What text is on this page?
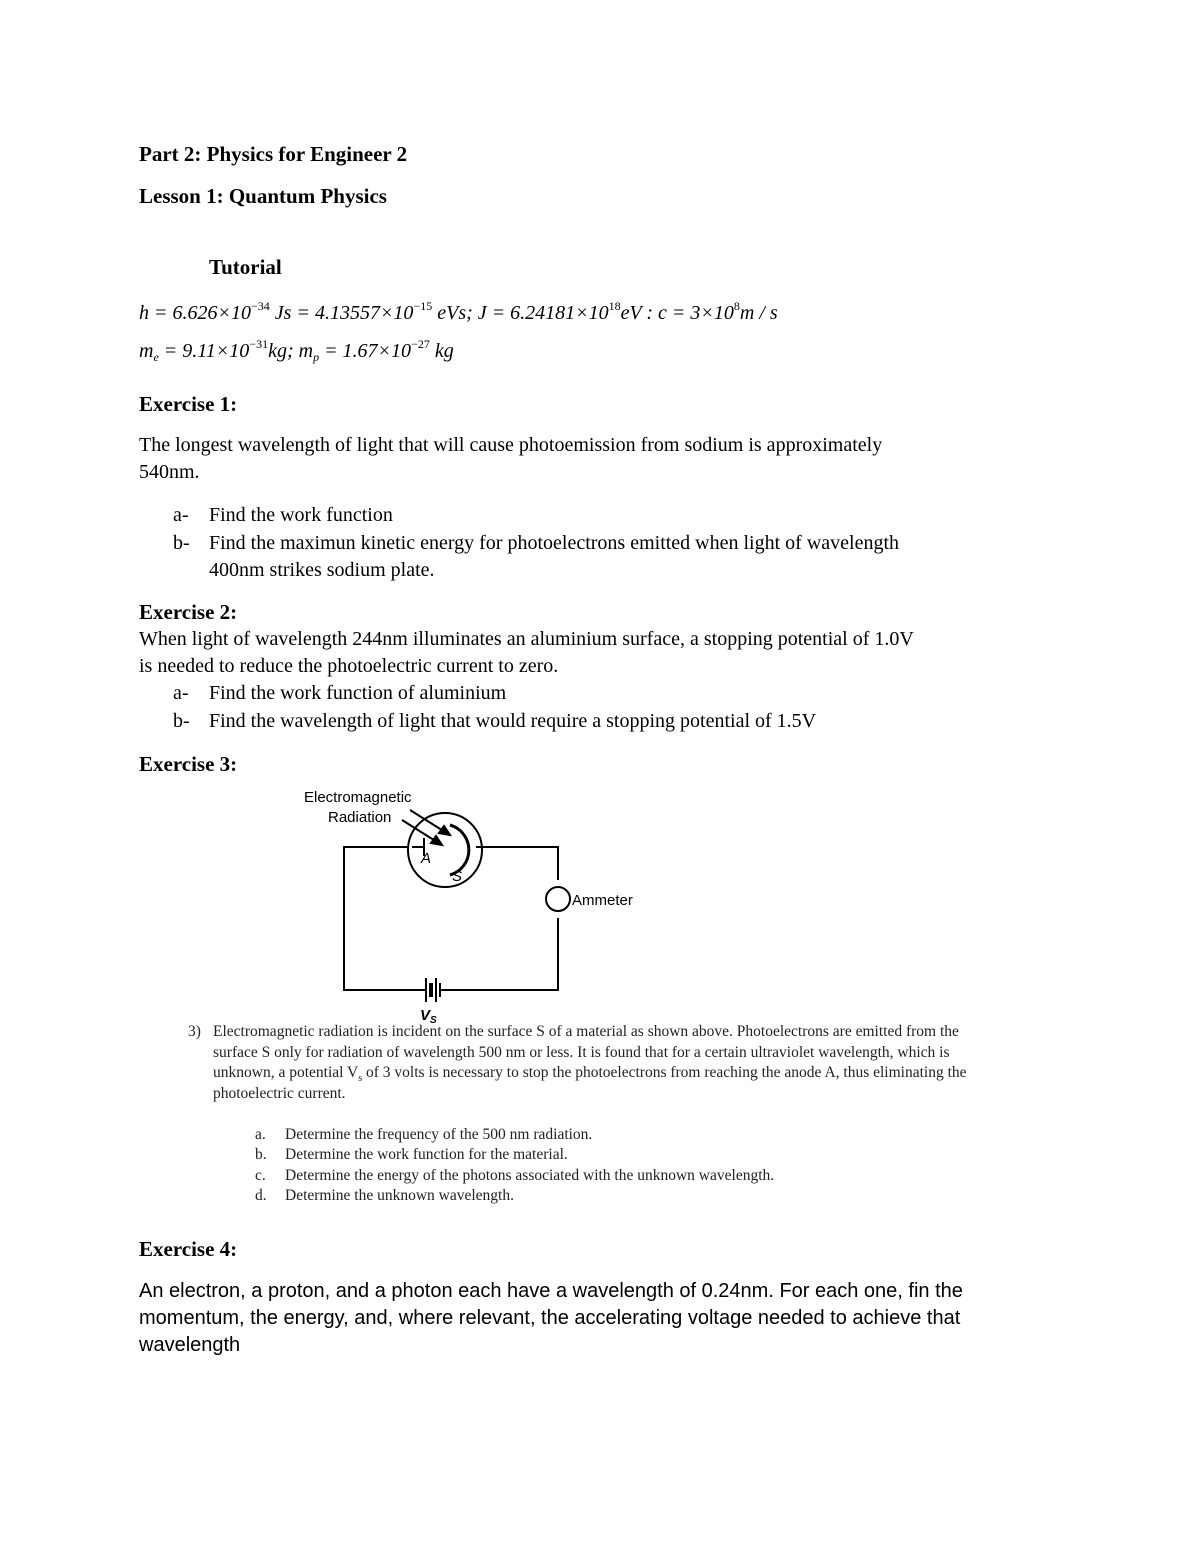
Part 2: Physics for Engineer 2
Lesson 1: Quantum Physics
Tutorial
$h = 6.626\times 10^{-34}$ $Js = 4.13557\times 10^{-15}$ eVs; $J = 6.24181\times 10^{18}eV$ : $c = 3\times 10^8m / s$
$m_e = 9.11\times 10^{-31}kg$; $m_p = 1.67\times 10^{-27}$ kg
Exercise 1:
The longest wavelength of light that will cause photoemission from sodium is approximately
540nm.
a- Find the work function
b- Find the maximun kinetic energy for photoelectrons emitted when light of wavelength
400nm strikes sodium plate.
Exercise 2:
When light of wavelength 244nm illuminates an aluminium surface, a stopping potential of 1.0V
is needed to reduce the photoelectric current to zero.
a- Find the work function of aluminium
b- Find the wavelength of light that would require a stopping potential of 1.5V
Exercise 3:
Electromagnetic
Radiation
A
S
Ammeter
$V_S$
3) Electromagnetic radiation is incident on the surface S of a material as shown above. Photoelectrons are emitted from the
surface S only for radiation of wavelength 500 nm or less. It is found that for a certain ultraviolet wavelength, which is
unknown, a potential $V_s$ of 3 volts is necessary to stop the photoelectrons from reaching the anode A, thus eliminating the
photoelectric current.
a. Determine the frequency of the 500 nm radiation.
b. Determine the work function for the material.
c. Determine the energy of the photons associated with the unknown wavelength.
d. Determine the unknown wavelength.
Exercise 4:
An electron, a proton, and a photon each have a wavelength of 0.24nm. For each one, fin the momentum, the energy, and, where relevant, the accelerating voltage needed to achieve that wavelength
